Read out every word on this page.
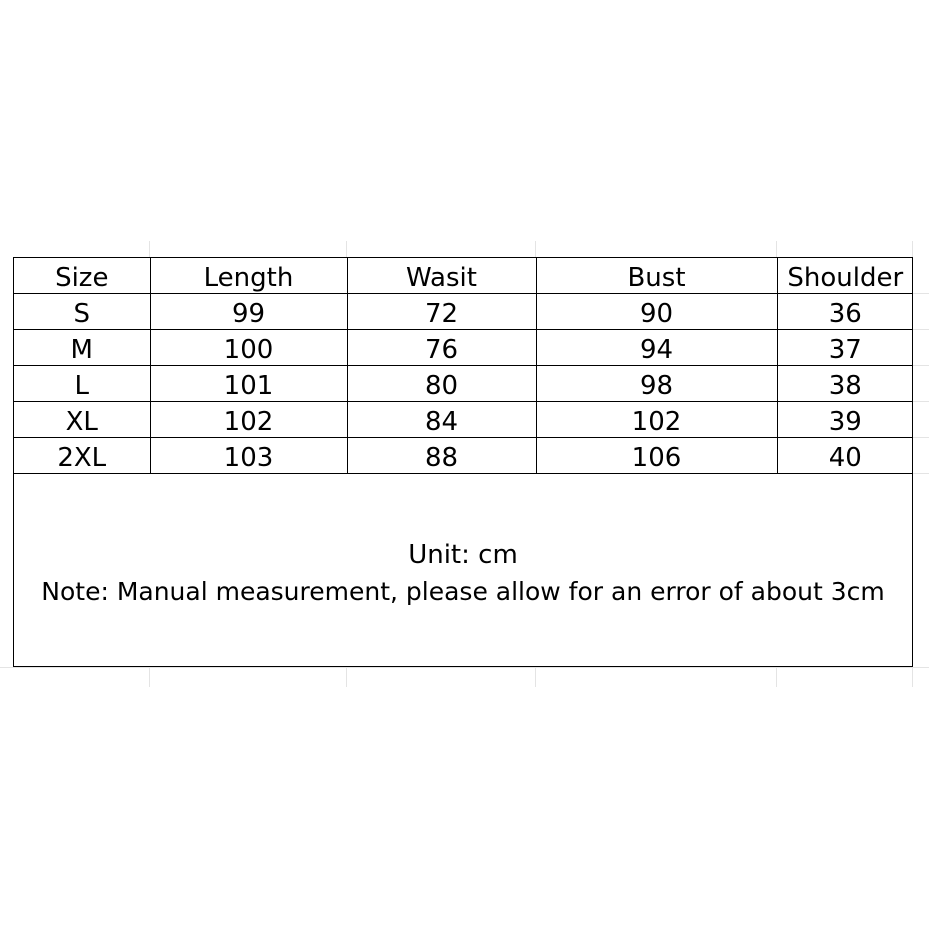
Size	Length	Wasit	Bust	Shoulder
S	99	72	90	36
M	100	76	94	37
L	101	80	98	38
XL	102	84	102	39
2XL	103	88	106	40
Unit: cm
Note: Manual measurement, please allow for an error of about 3cm
